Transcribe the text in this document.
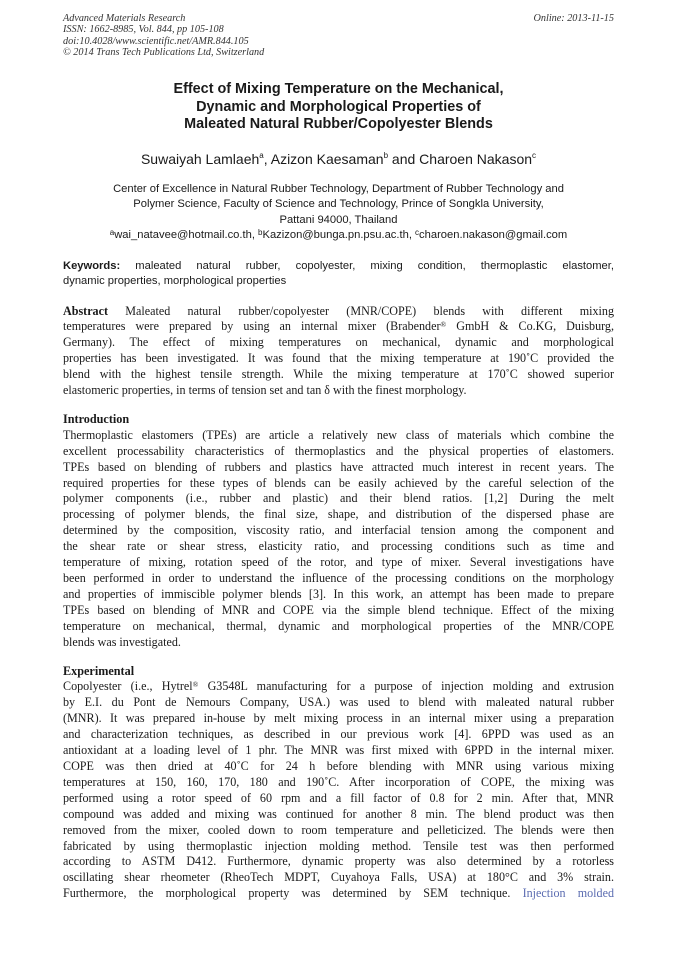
Advanced Materials Research
ISSN: 1662-8985, Vol. 844, pp 105-108
doi:10.4028/www.scientific.net/AMR.844.105
© 2014 Trans Tech Publications Ltd, Switzerland
Online: 2013-11-15
Effect of Mixing Temperature on the Mechanical,
Dynamic and Morphological Properties of
Maleated Natural Rubber/Copolyester Blends
Suwaiyah Lamlaeh$^a$, Azizon Kaesaman$^b$ and Charoen Nakason$^c$
Center of Excellence in Natural Rubber Technology, Department of Rubber Technology and
Polymer Science, Faculty of Science and Technology, Prince of Songkla University,
Pattani 94000, Thailand
$^a$wai_natavee@hotmail.co.th, $^b$Kazizon@bunga.pn.psu.ac.th, $^c$charoen.nakason@gmail.com
Keywords: maleated natural rubber, copolyester, mixing condition, thermoplastic elastomer,
dynamic properties, morphological properties
Abstract Maleated natural rubber/copolyester (MNR/COPE) blends with different mixing
temperatures were prepared by using an internal mixer (Brabender® GmbH & Co.KG, Duisburg,
Germany). The effect of mixing temperatures on mechanical, dynamic and morphological
properties has been investigated. It was found that the mixing temperature at 190˚C provided the
blend with the highest tensile strength. While the mixing temperature at 170˚C showed superior
elastomeric properties, in terms of tension set and tan δ with the finest morphology.
Introduction
Thermoplastic elastomers (TPEs) are article a relatively new class of materials which combine the
excellent processability characteristics of thermoplastics and the physical properties of elastomers.
TPEs based on blending of rubbers and plastics have attracted much interest in recent years. The
required properties for these types of blends can be easily achieved by the careful selection of the
polymer components (i.e., rubber and plastic) and their blend ratios. [1,2] During the melt
processing of polymer blends, the final size, shape, and distribution of the dispersed phase are
determined by the composition, viscosity ratio, and interfacial tension among the component and
the shear rate or shear stress, elasticity ratio, and processing conditions such as time and
temperature of mixing, rotation speed of the rotor, and type of mixer. Several investigations have
been performed in order to understand the influence of the processing conditions on the morphology
and properties of immiscible polymer blends [3]. In this work, an attempt has been made to prepare
TPEs based on blending of MNR and COPE via the simple blend technique. Effect of the mixing
temperature on mechanical, thermal, dynamic and morphological properties of the MNR/COPE
blends was investigated.
Experimental
Copolyester (i.e., Hytrel® G3548L manufacturing for a purpose of injection molding and extrusion
by E.I. du Pont de Nemours Company, USA.) was used to blend with maleated natural rubber
(MNR). It was prepared in-house by melt mixing process in an internal mixer using a preparation
and characterization techniques, as described in our previous work [4]. 6PPD was used as an
antioxidant at a loading level of 1 phr. The MNR was first mixed with 6PPD in the internal mixer.
COPE was then dried at 40˚C for 24 h before blending with MNR using various mixing
temperatures at 150, 160, 170, 180 and 190˚C. After incorporation of COPE, the mixing was
performed using a rotor speed of 60 rpm and a fill factor of 0.8 for 2 min. After that, MNR
compound was added and mixing was continued for another 8 min. The blend product was then
removed from the mixer, cooled down to room temperature and pelleticized. The blends were then
fabricated by using thermoplastic injection molding method. Tensile test was then performed
according to ASTM D412. Furthermore, dynamic property was also determined by a rotorless
oscillating shear rheometer (RheoTech MDPT, Cuyahoya Falls, USA) at 180°C and 3% strain.
Furthermore, the morphological property was determined by SEM technique. Injection molded
